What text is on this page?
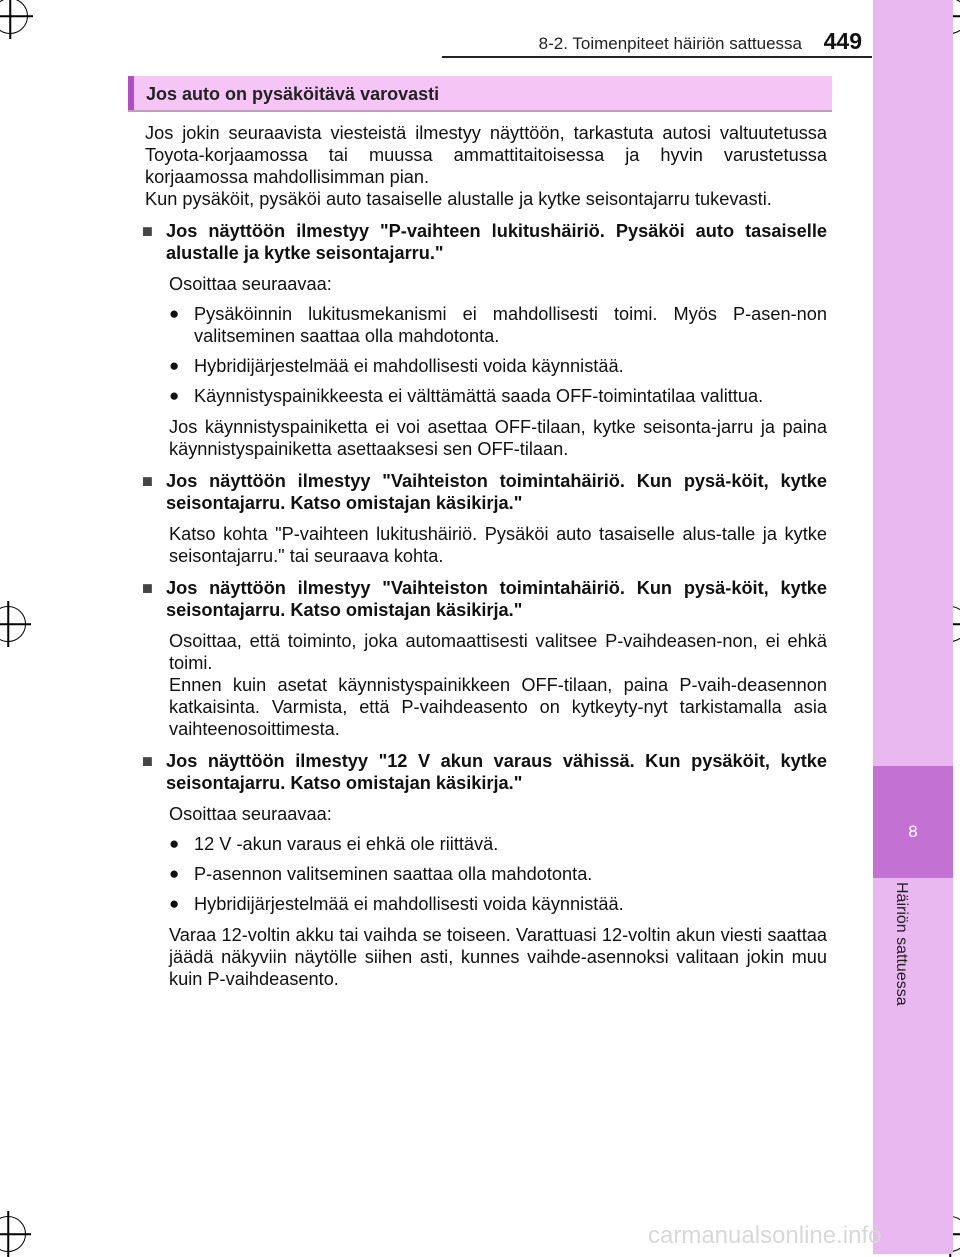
8
Häiriön sattuessa
8-2. Toimenpiteet häiriön sattuessa 449
Jos auto on pysäköitävä varovasti

Jos jokin seuraavista viesteistä ilmestyy näyttöön, tarkastuta autosi valtuutetussa Toyota-korjaamossa tai muussa ammattitaitoisessa ja hyvin varustetussa korjaamossa mahdollisimman pian.

Kun pysäköit, pysäköi auto tasaiselle alustalle ja kytke seisontajarru tukevasti.

■ Jos näyttöön ilmestyy "P-vaihteen lukitushäiriö. Pysäköi auto tasaiselle alustalle ja kytke seisontajarru."

Osoittaa seuraavaa:

● Pysäköinnin lukitusmekanismi ei mahdollisesti toimi. Myös P-asen-non valitseminen saattaa olla mahdotonta.
● Hybridijärjestelmää ei mahdollisesti voida käynnistää.
● Käynnistyspainikkeesta ei välttämättä saada OFF-toimintatilaa valittua.

Jos käynnistyspainiketta ei voi asettaa OFF-tilaan, kytke seisonta-jarru ja paina käynnistyspainiketta asettaaksesi sen OFF-tilaan.

■ Jos näyttöön ilmestyy "Vaihteiston toimintahäiriö. Kun pysä-köit, kytke seisontajarru. Katso omistajan käsikirja."

Katso kohta "P-vaihteen lukitushäiriö. Pysäköi auto tasaiselle alus-talle ja kytke seisontajarru." tai seuraava kohta.

■ Jos näyttöön ilmestyy "Vaihteiston toimintahäiriö. Kun pysä-köit, kytke seisontajarru. Katso omistajan käsikirja."

Osoittaa, että toiminto, joka automaattisesti valitsee P-vaihdeasen-non, ei ehkä toimi.

Ennen kuin asetat käynnistyspainikkeen OFF-tilaan, paina P-vaih-deasennon katkaisinta. Varmista, että P-vaihdeasento on kytkeyty-nyt tarkistamalla asia vaihteenosoittimesta.

■ Jos näyttöön ilmestyy "12 V akun varaus vähissä. Kun pysäköit, kytke seisontajarru. Katso omistajan käsikirja."

Osoittaa seuraavaa:

● 12 V -akun varaus ei ehkä ole riittävä.
● P-asennon valitseminen saattaa olla mahdotonta.
● Hybridijärjestelmää ei mahdollisesti voida käynnistää.

Varaa 12-voltin akku tai vaihda se toiseen. Varattuasi 12-voltin akun viesti saattaa jäädä näkyviin näytölle siihen asti, kunnes vaihde-asennoksi valitaan jokin muu kuin P-vaihdeasento.

carmanualsonline.info
